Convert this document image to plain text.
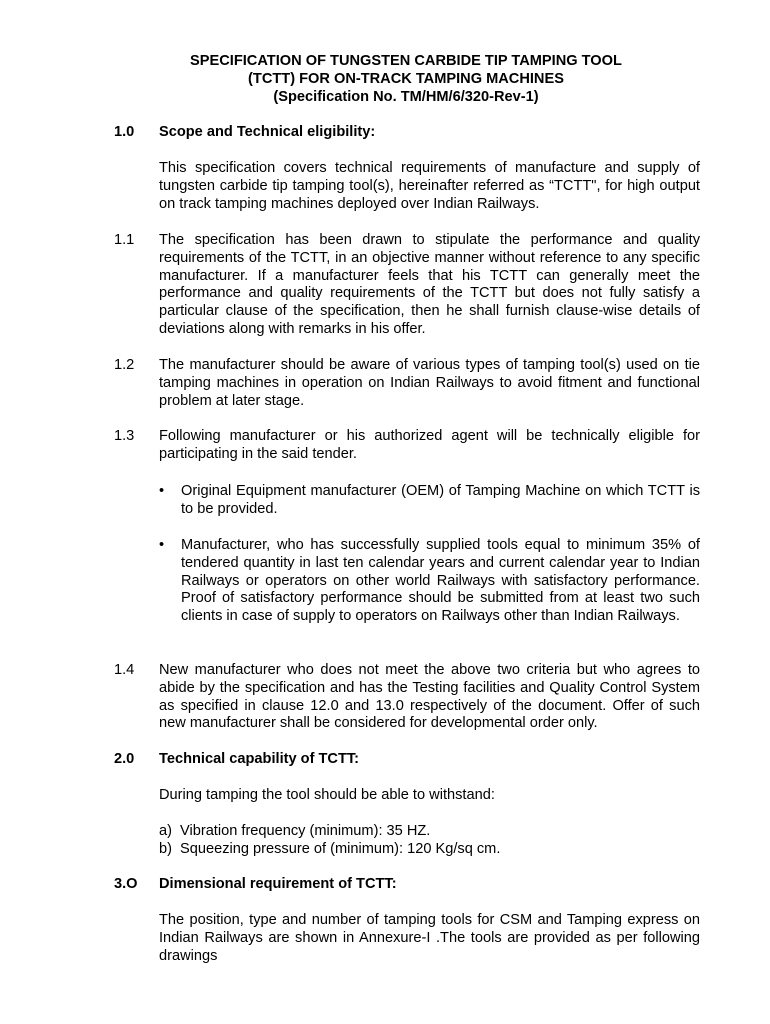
SPECIFICATION OF TUNGSTEN CARBIDE TIP TAMPING TOOL
(TCTT) FOR ON-TRACK TAMPING MACHINES
(Specification No. TM/HM/6/320-Rev-1)
1.0	Scope and Technical eligibility:
This specification covers technical requirements of manufacture and supply of tungsten carbide tip tamping tool(s), hereinafter referred as “TCTT", for high output on track tamping machines deployed over Indian Railways.
1.1	The specification has been drawn to stipulate the performance and quality requirements of the TCTT, in an objective manner without reference to any specific manufacturer. If a manufacturer feels that his TCTT can generally meet the performance and quality requirements of the TCTT but does not fully satisfy a particular clause of the specification, then he shall furnish clause-wise details of deviations along with remarks in his offer.
1.2	The manufacturer should be aware of various types of tamping tool(s) used on tie tamping machines in operation on Indian Railways to avoid fitment and functional problem at later stage.
1.3	Following manufacturer or his authorized agent will be technically eligible for participating in the said tender.
• Original Equipment manufacturer (OEM) of Tamping Machine on which TCTT is to be provided.
• Manufacturer, who has successfully supplied tools equal to minimum 35% of tendered quantity in last ten calendar years and current calendar year to Indian Railways or operators on other world Railways with satisfactory performance. Proof of satisfactory performance should be submitted from at least two such clients in case of supply to operators on Railways other than Indian Railways.
1.4	New manufacturer who does not meet the above two criteria but who agrees to abide by the specification and has the Testing facilities and Quality Control System as specified in clause 12.0 and 13.0 respectively of the document. Offer of such new manufacturer shall be considered for developmental order only.
2.0	Technical capability of TCTT:
During tamping the tool should be able to withstand:
a) Vibration frequency (minimum): 35 HZ.
b) Squeezing pressure of (minimum): 120 Kg/sq cm.
3.O	Dimensional requirement of TCTT:
The position, type and number of tamping tools for CSM and Tamping express on Indian Railways are shown in Annexure-I .The tools are provided as per following drawings
